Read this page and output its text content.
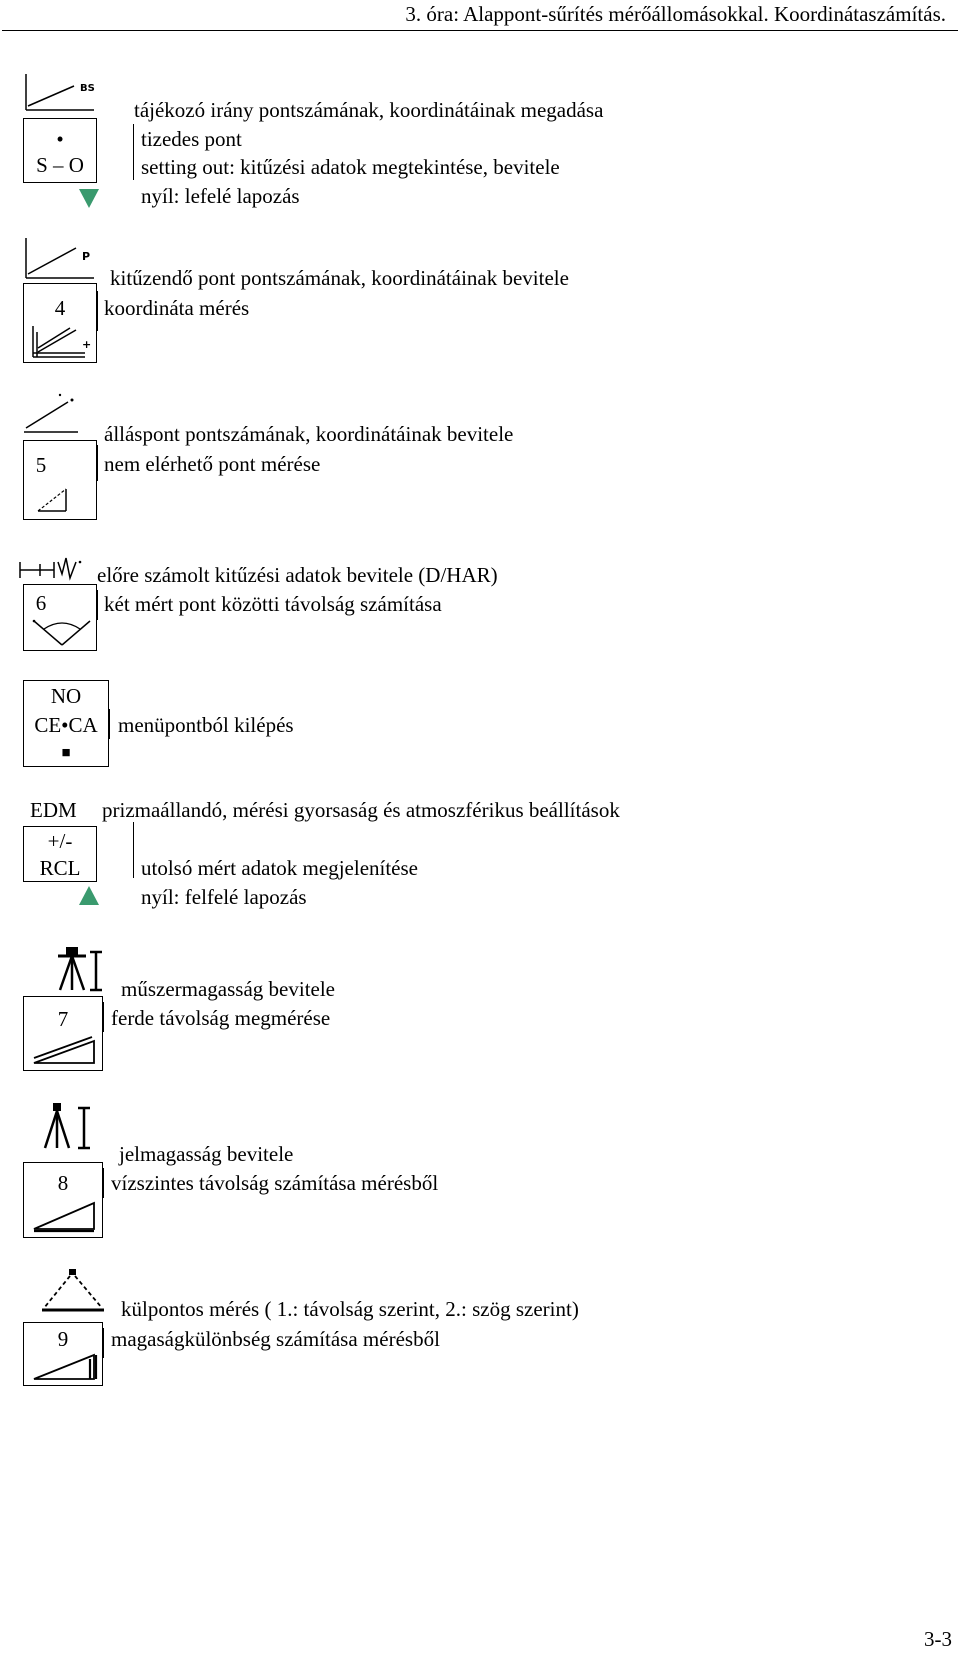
3. óra: Alappont-sűrítés mérőállomásokkal. Koordinátaszámítás.
BS
•
S – O
tájékozó irány pontszámának, koordinátáinak megadása
tizedes pont
setting out: kitűzési adatok megtekintése, bevitele
nyíl: lefelé lapozás
P
4
+
kitűzendő pont pontszámának, koordinátáinak bevitele
koordináta mérés
5
álláspont pontszámának, koordinátáinak bevitele
nem elérhető pont mérése
6
előre számolt kitűzési adatok bevitele (D/HAR)
két mért pont közötti távolság számítása
NO
CE•CA
■
menüpontból kilépés
EDM
+/-
RCL
prizmaállandó, mérési gyorsaság és atmoszférikus beállítások
utolsó mért adatok megjelenítése
nyíl: felfelé lapozás
7
műszermagasság bevitele
ferde távolság megmérése
8
jelmagasság bevitele
vízszintes távolság számítása mérésből
9
külpontos mérés ( 1.: távolság szerint, 2.: szög szerint)
magaságkülönbség számítása mérésből
3-3
